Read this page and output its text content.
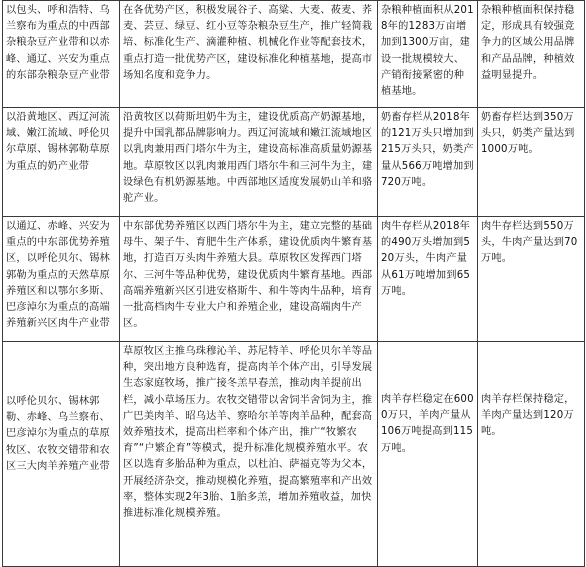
以包头、呼和浩特、乌兰察布为重点的中西部杂粮杂豆产业带和以赤峰、通辽、兴安为重点的东部杂粮杂豆产业带	在各优势产区，积极发展谷子、高粱、大麦、莜麦、荞麦、芸豆、绿豆、红小豆等杂粮杂豆生产，推广轻简栽培、标准化生产、滴灌种植、机械化作业等配套技术，重点打造一批优势产区，建设标准化种植基地，提高市场知名度和竞争力。	杂粮种植面积从2018年的1283万亩增加到1300万亩，建设一批规模较大、产销衔接紧密的种植基地。	杂粮种植面积保持稳定，形成具有较强竞争力的区域公用品牌和产品品牌，种植效益明显提升。
以沿黄地区、西辽河流域、嫩江流域、呼伦贝尔草原、锡林郭勒草原为重点的奶产业带	沿黄牧区以荷斯坦奶牛为主，建设优质高产奶源基地，提升中国乳都品牌影响力。西辽河流域和嫩江流域地区以乳肉兼用西门塔尔牛为主，建设高标准高质量奶源基地。草原牧区以乳肉兼用西门塔尔牛和三河牛为主，建设绿色有机奶源基地。中西部地区适度发展奶山羊和骆驼产业。	奶畜存栏从2018年的121万头只增加到215万头只，奶类产量从566万吨增加到720万吨。	奶畜存栏达到350万头只，奶类产量达到1000万吨。
以通辽、赤峰、兴安为重点的中东部优势养殖区，以呼伦贝尔、锡林郭勒为重点的天然草原养殖区和以鄂尔多斯、巴彦淖尔为重点的高端养殖新兴区肉牛产业带	中东部优势养殖区以西门塔尔牛为主，建立完整的基础母牛、架子牛、育肥牛生产体系，建设优质肉牛繁育基地，打造百万头肉牛养殖大县。草原牧区发挥西门塔尔、三河牛等品种优势，建设优质肉牛繁育基地。西部高端养殖新兴区引进安格斯牛、和牛等肉牛品种，培育一批高档肉牛专业大户和养殖企业，建设高端肉牛产区。	肉牛存栏从2018年的490万头增加到520万头，牛肉产量从61万吨增加到65万吨。	肉牛存栏达到550万头，牛肉产量达到70万吨。
以呼伦贝尔、锡林郭勒、赤峰、乌兰察布、巴彦淖尔为重点的草原牧区、农牧交错带和农区三大肉羊养殖产业带	草原牧区主推乌珠穆沁羊、苏尼特羊、呼伦贝尔羊等品种，突出地方良种选育，提高肉羊个体产出，引导发展生态家庭牧场，推广接冬羔早春羔，推动肉羊提前出栏，减小草场压力。农牧交错带以舍饲半舍饲为主，推广巴美肉羊、昭乌达羊、察哈尔羊等肉羊品种，配套高效养殖技术，提高出栏率和个体产出，推广“牧繁农育”“户繁企育”等模式，提升标准化规模养殖水平。农区以选育多胎品种为重点，以杜泊、萨福克等为父本，开展经济杂交，推动规模化养殖，提高繁殖率和产出效率，整体实现2年3胎、1胎多羔，增加养殖收益，加快推进标准化规模养殖。	肉羊存栏稳定在6000万只，羊肉产量从106万吨提高到115万吨。	肉羊存栏保持稳定，羊肉产量达到120万吨。
